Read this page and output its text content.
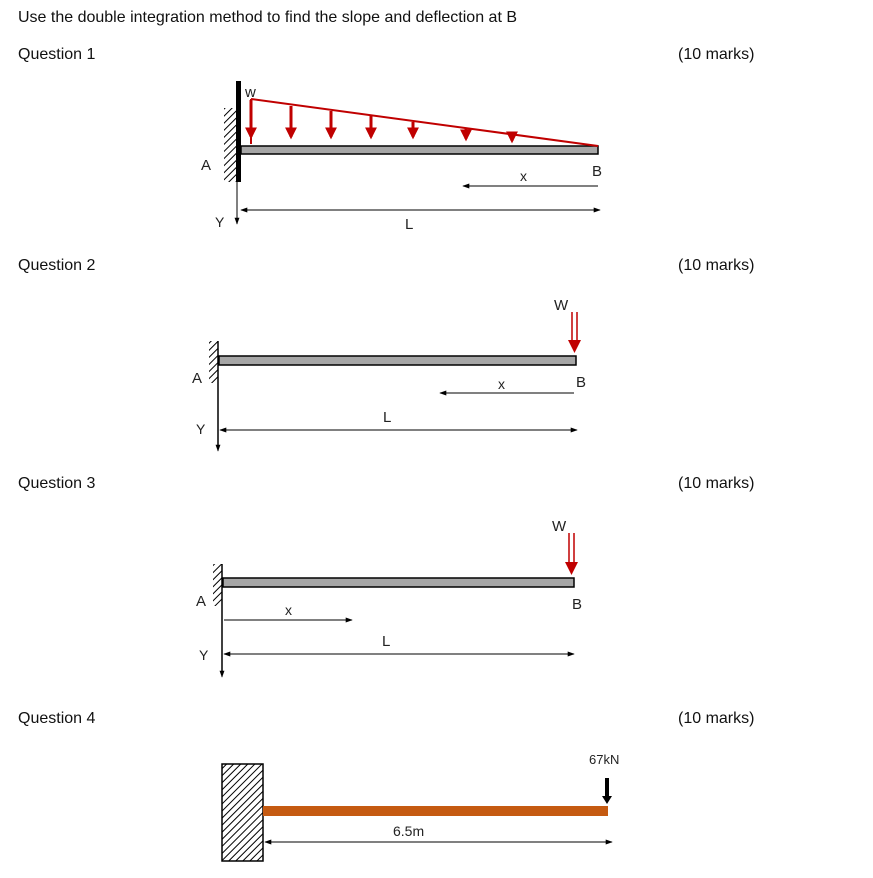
Use the double integration method to find the slope and deflection at B
Question 1	(10 marks)
Question 2	(10 marks)
Question 3	(10 marks)
Question 4	(10 marks)
w
A	B
x
Y	L
W
A	B
x
Y
L
W
A	B
x
Y
L
67kN
6.5m
